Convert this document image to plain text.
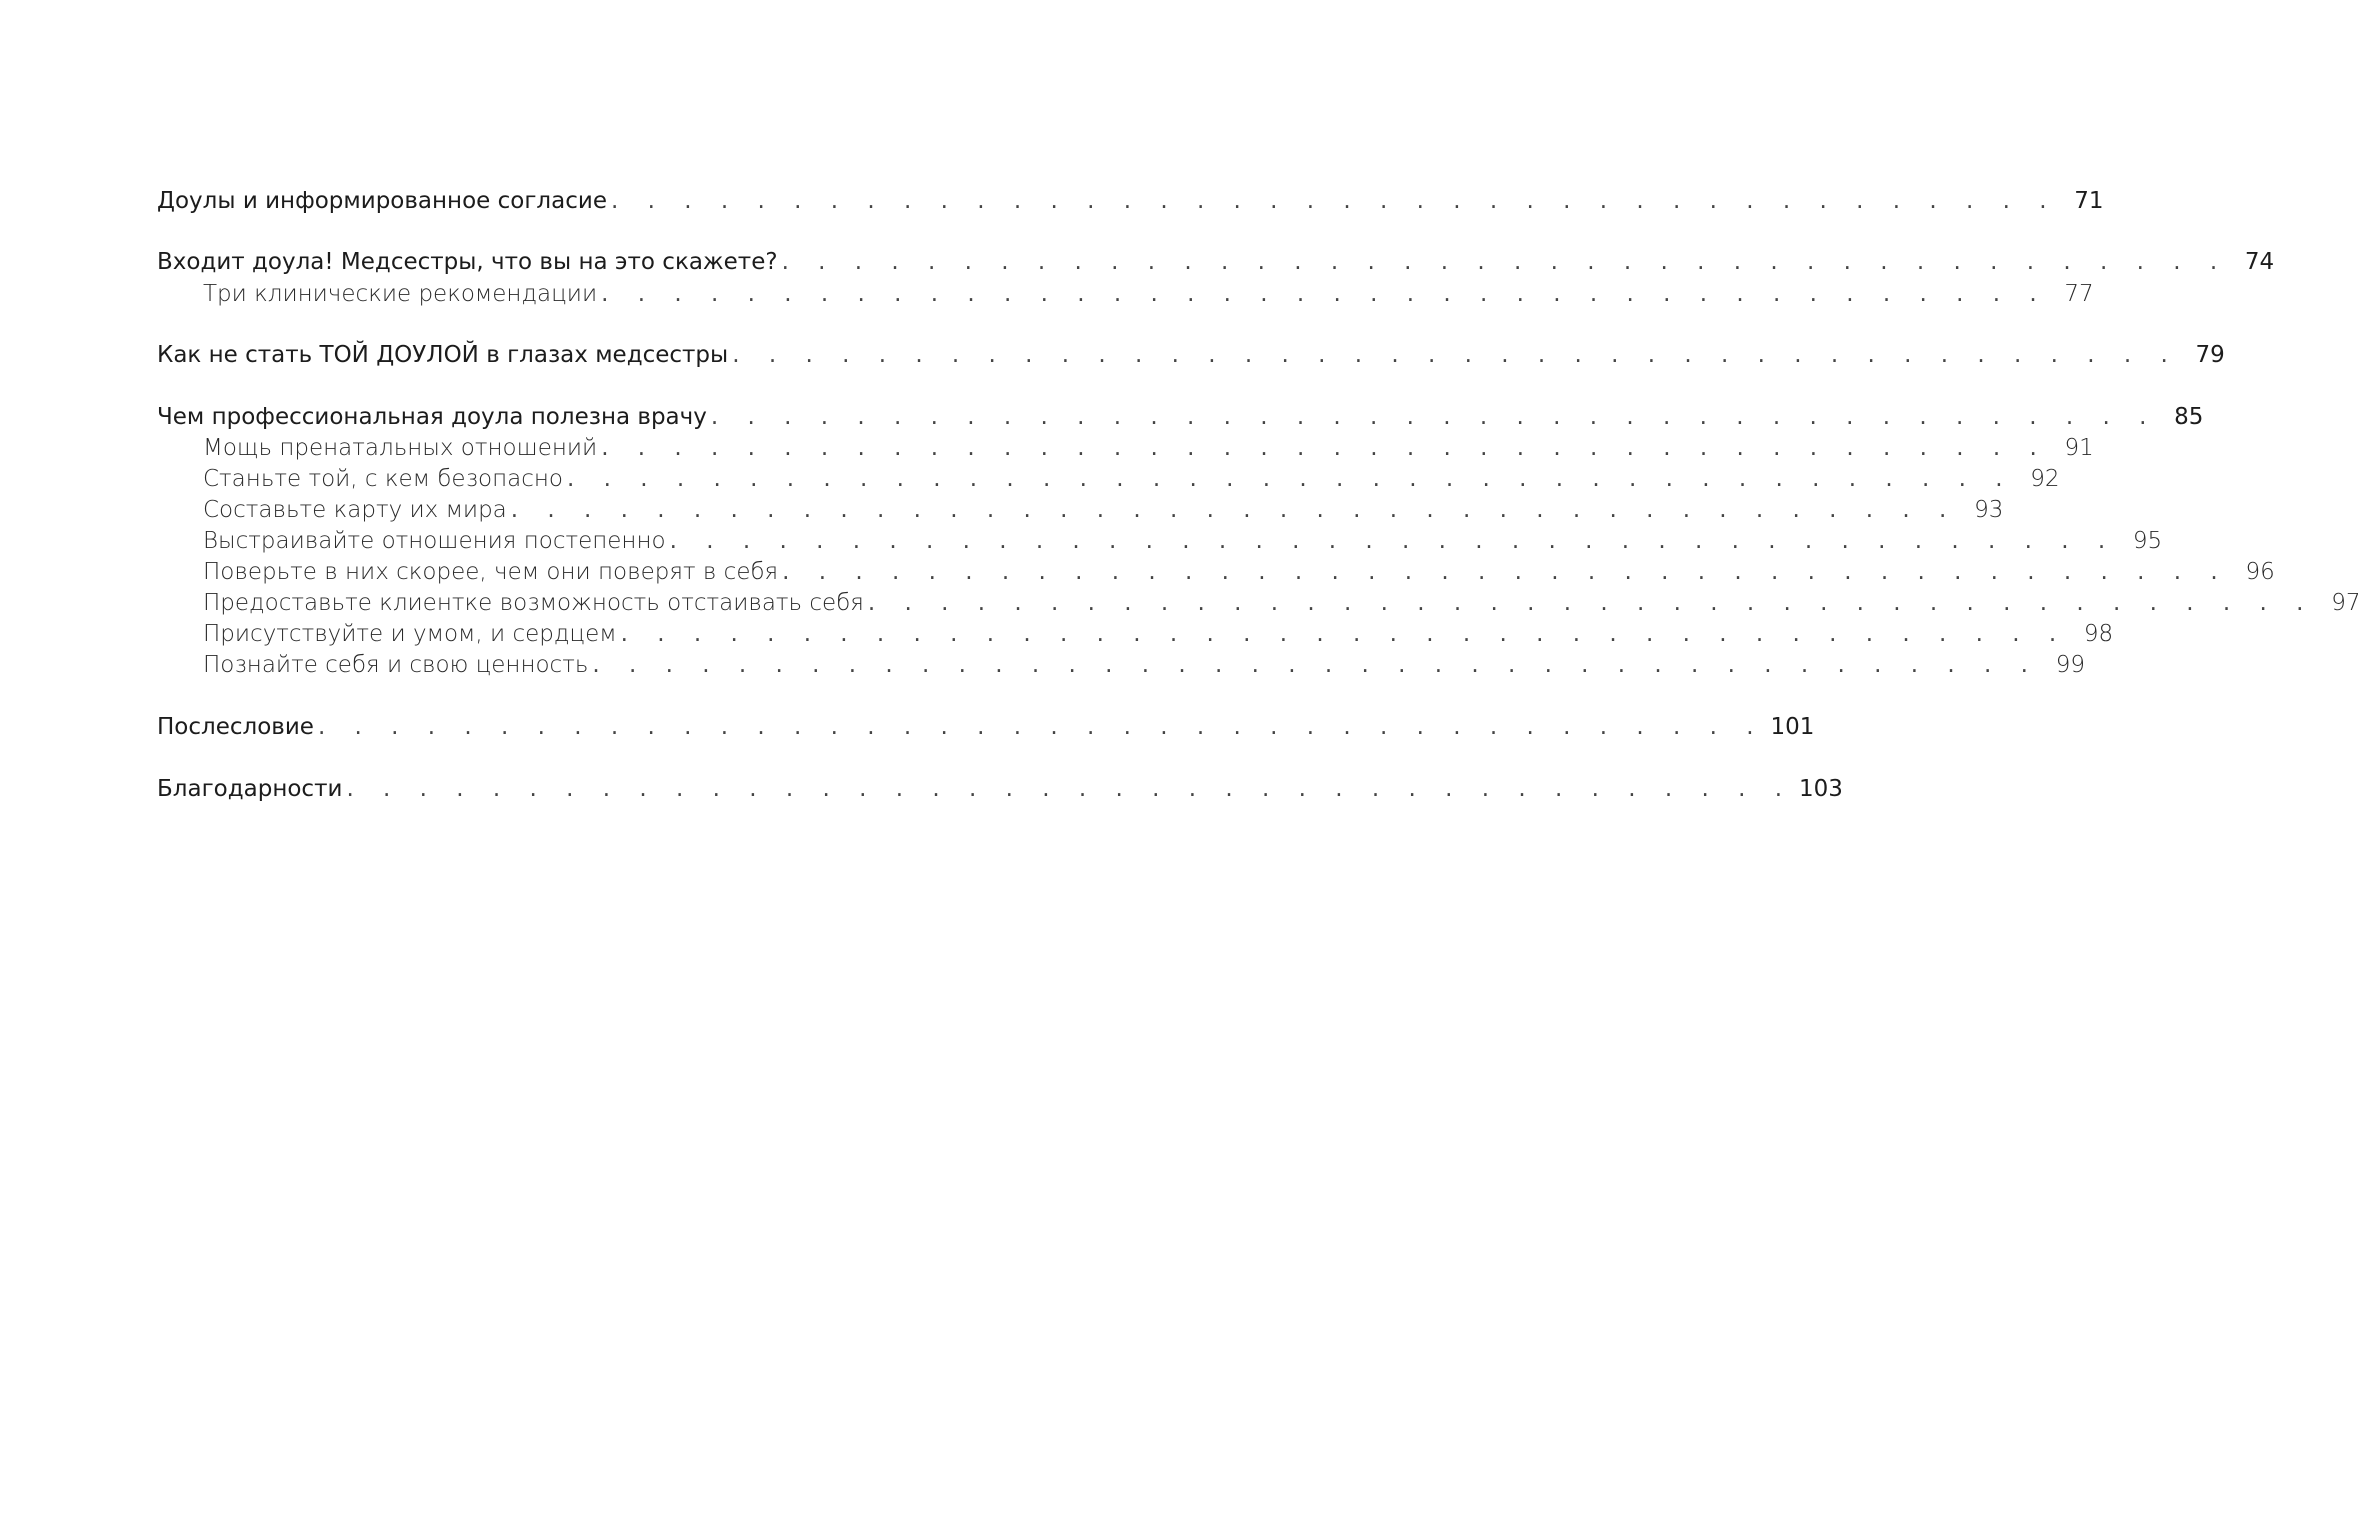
Доулы и информированное согласие . . . . . . . . . . . . . . . . . . . . . . . . . . . . . . . . . . . . . . . . 71
Входит доула! Медсестры, что вы на это скажете? . . . . . . . . . . . . . . . . . . . . . . . . . . . . . . . . . . . . . . . . 74
Три клинические рекомендации . . . . . . . . . . . . . . . . . . . . . . . . . . . . . . . . . . . . . . . . 77
Как не стать ТОЙ ДОУЛОЙ в глазах медсестры . . . . . . . . . . . . . . . . . . . . . . . . . . . . . . . . . . . . . . . . 79
Чем профессиональная доула полезна врачу . . . . . . . . . . . . . . . . . . . . . . . . . . . . . . . . . . . . . . . . 85
Мощь пренатальных отношений . . . . . . . . . . . . . . . . . . . . . . . . . . . . . . . . . . . . . . . . 91
Станьте той, с кем безопасно . . . . . . . . . . . . . . . . . . . . . . . . . . . . . . . . . . . . . . . . 92
Составьте карту их мира . . . . . . . . . . . . . . . . . . . . . . . . . . . . . . . . . . . . . . . . 93
Выстраивайте отношения постепенно . . . . . . . . . . . . . . . . . . . . . . . . . . . . . . . . . . . . . . . . 95
Поверьте в них скорее, чем они поверят в себя . . . . . . . . . . . . . . . . . . . . . . . . . . . . . . . . . . . . . . . . 96
Предоставьте клиентке возможность отстаивать себя . . . . . . . . . . . . . . . . . . . . . . . . . . . . . . . . . . . . . . . . 97
Присутствуйте и умом, и сердцем . . . . . . . . . . . . . . . . . . . . . . . . . . . . . . . . . . . . . . . . 98
Познайте себя и свою ценность . . . . . . . . . . . . . . . . . . . . . . . . . . . . . . . . . . . . . . . . 99
Послесловие . . . . . . . . . . . . . . . . . . . . . . . . . . . . . . . . . . . . . . . . 101
Благодарности . . . . . . . . . . . . . . . . . . . . . . . . . . . . . . . . . . . . . . . . 103
